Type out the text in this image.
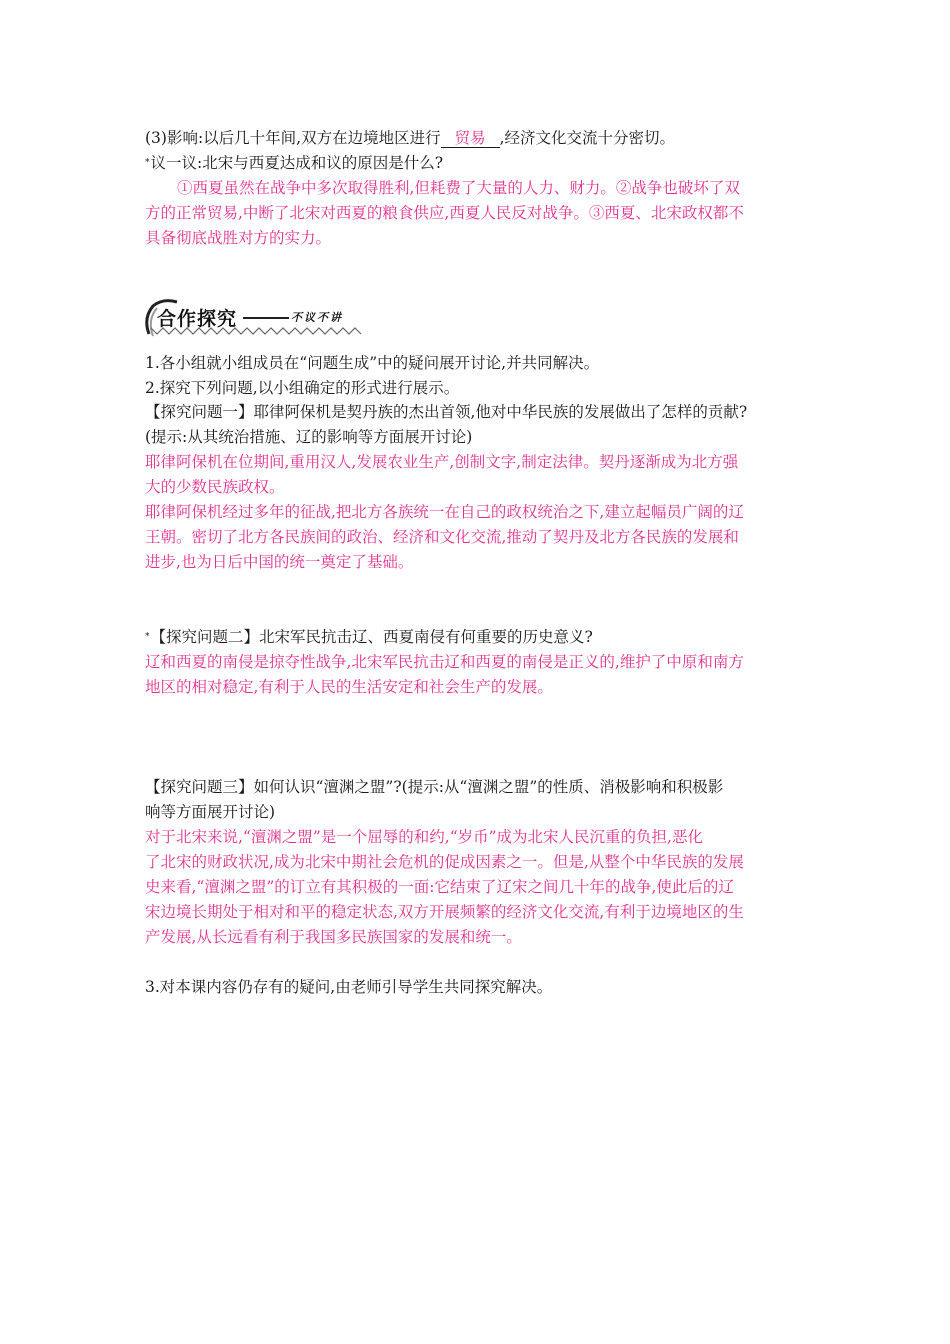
(3)影响:以后几十年间,双方在边境地区进行 贸易 ,经济文化交流十分密切。
*议一议:北宋与西夏达成和议的原因是什么?
①西夏虽然在战争中多次取得胜利,但耗费了大量的人力、财力。②战争也破坏了双
方的正常贸易,中断了北宋对西夏的粮食供应,西夏人民反对战争。③西夏、北宋政权都不
具备彻底战胜对方的实力。
合作探究	不议不讲
1.各小组就小组成员在“问题生成”中的疑问展开讨论,并共同解决。
2.探究下列问题,以小组确定的形式进行展示。
【探究问题一】耶律阿保机是契丹族的杰出首领,他对中华民族的发展做出了怎样的贡献?
(提示:从其统治措施、辽的影响等方面展开讨论)
耶律阿保机在位期间,重用汉人,发展农业生产,创制文字,制定法律。契丹逐渐成为北方强
大的少数民族政权。
耶律阿保机经过多年的征战,把北方各族统一在自己的政权统治之下,建立起幅员广阔的辽
王朝。密切了北方各民族间的政治、经济和文化交流,推动了契丹及北方各民族的发展和
进步,也为日后中国的统一奠定了基础。
*【探究问题二】北宋军民抗击辽、西夏南侵有何重要的历史意义?
辽和西夏的南侵是掠夺性战争,北宋军民抗击辽和西夏的南侵是正义的,维护了中原和南方
地区的相对稳定,有利于人民的生活安定和社会生产的发展。
【探究问题三】如何认识“澶渊之盟”?(提示:从“澶渊之盟”的性质、消极影响和积极影
响等方面展开讨论)
对于北宋来说,“澶渊之盟”是一个屈辱的和约,“岁币”成为北宋人民沉重的负担,恶化
了北宋的财政状况,成为北宋中期社会危机的促成因素之一。但是,从整个中华民族的发展
史来看,“澶渊之盟”的订立有其积极的一面:它结束了辽宋之间几十年的战争,使此后的辽
宋边境长期处于相对和平的稳定状态,双方开展频繁的经济文化交流,有利于边境地区的生
产发展,从长远看有利于我国多民族国家的发展和统一。
3.对本课内容仍存有的疑问,由老师引导学生共同探究解决。
